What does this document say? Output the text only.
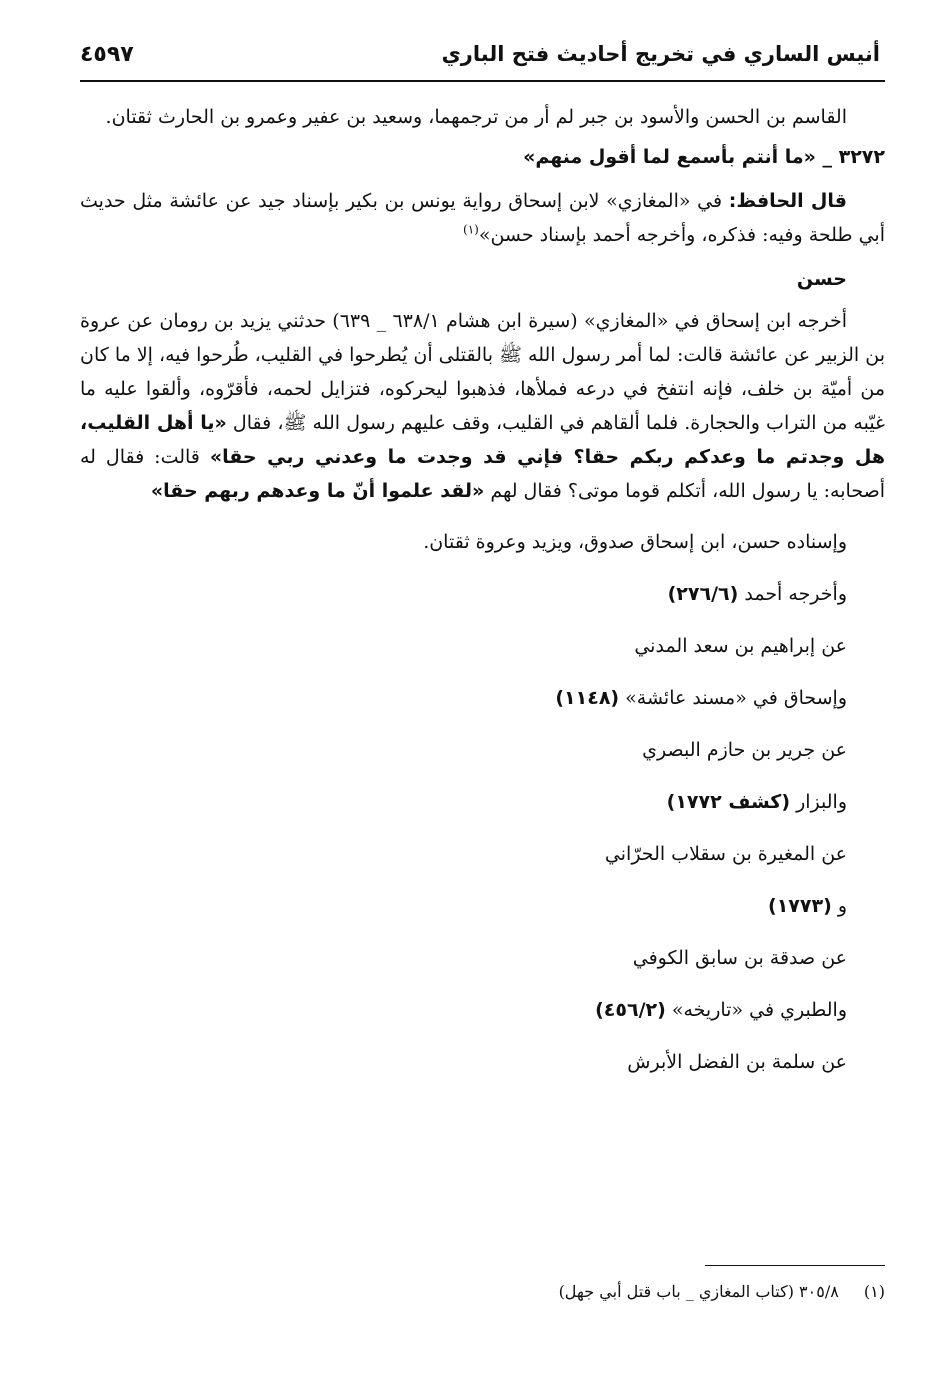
أنيس الساري في تخريج أحاديث فتح الباري
٤٥٩٧

القاسم بن الحسن والأسود بن جبر لم أر من ترجمهما، وسعيد بن عفير وعمرو بن الحارث ثقتان.

٣٢٧٢ _ «ما أنتم بأسمع لما أقول منهم»

قال الحافظ: في «المغازي» لابن إسحاق رواية يونس بن بكير بإسناد جيد عن عائشة مثل حديث أبي طلحة وفيه: فذكره، وأخرجه أحمد بإسناد حسن»$^{(١)}$

حسن

أخرجه ابن إسحاق في «المغازي» (سيرة ابن هشام ٦٣٨/١ _ ٦٣٩) حدثني يزيد بن رومان عن عروة بن الزبير عن عائشة قالت: لما أمر رسول الله ﷺ بالقتلى أن يُطرحوا في القليب، طُرحوا فيه، إلا ما كان من أميّة بن خلف، فإنه انتفخ في درعه فملأها، فذهبوا ليحركوه، فتزايل لحمه، فأقرّوه، وألقوا عليه ما غيّبه من التراب والحجارة. فلما ألقاهم في القليب، وقف عليهم رسول الله ﷺ، فقال «يا أهل القليب، هل وجدتم ما وعدكم ربكم حقا؟ فإني قد وجدت ما وعدني ربي حقا» قالت: فقال له أصحابه: يا رسول الله، أتكلم قوما موتى؟ فقال لهم «لقد علموا أنّ ما وعدهم ربهم حقا»

وإسناده حسن، ابن إسحاق صدوق، ويزيد وعروة ثقتان.
وأخرجه أحمد (٢٧٦/٦)
عن إبراهيم بن سعد المدني
وإسحاق في «مسند عائشة» (١١٤٨)
عن جرير بن حازم البصري
والبزار (كشف ١٧٧٢)
عن المغيرة بن سقلاب الحرّاني
و (١٧٧٣)
عن صدقة بن سابق الكوفي
والطبري في «تاريخه» (٤٥٦/٢)
عن سلمة بن الفضل الأبرش
(١) ٣٠٥/٨ (كتاب المغازي _ باب قتل أبي جهل)
